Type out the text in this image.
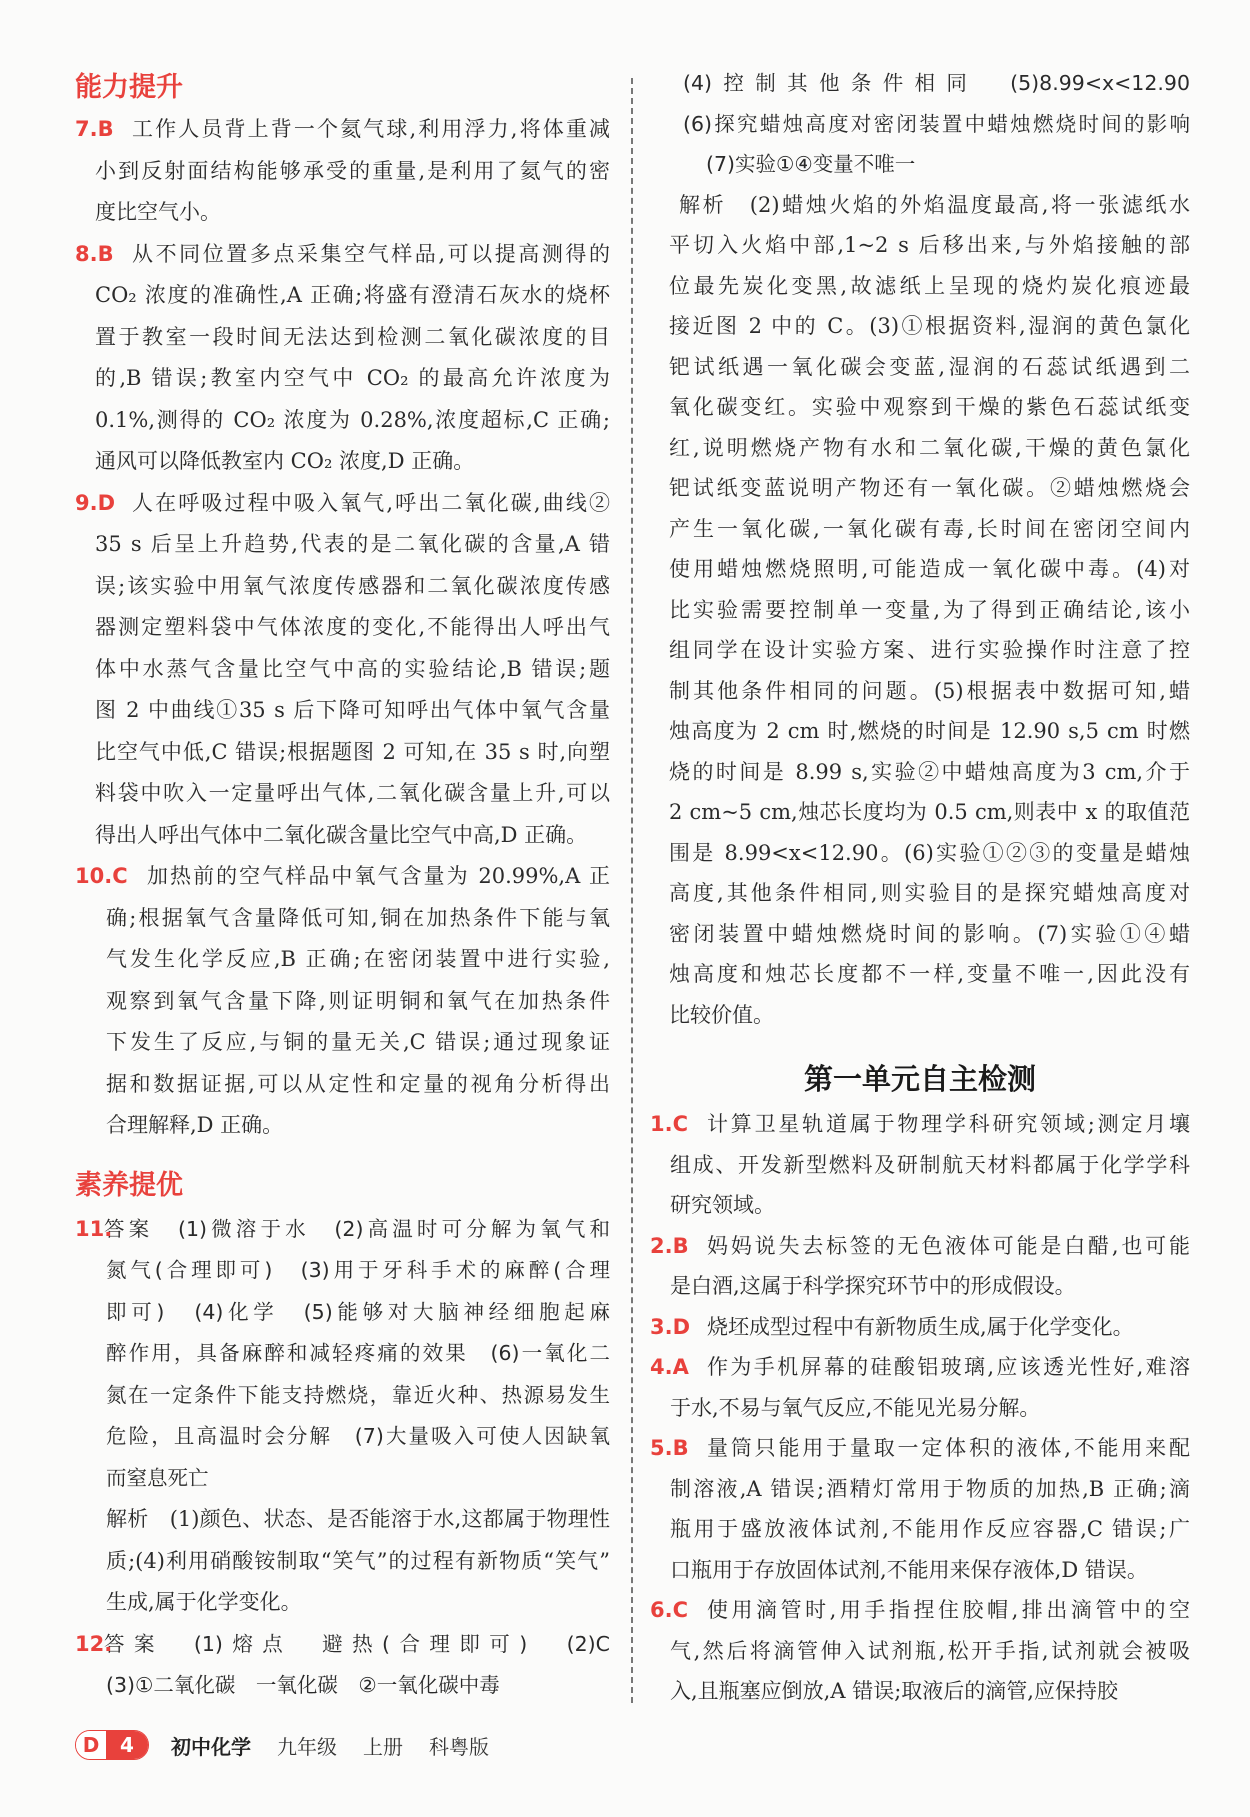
能力提升
7.B 工作人员背上背一个氦气球,利用浮力,将体重减
小到反射面结构能够承受的重量,是利用了氦气的密
度比空气小。
8.B 从不同位置多点采集空气样品,可以提高测得的
CO₂ 浓度的准确性,A 正确;将盛有澄清石灰水的烧杯
置于教室一段时间无法达到检测二氧化碳浓度的目
的,B 错误;教室内空气中 CO₂ 的最高允许浓度为
0.1%,测得的 CO₂ 浓度为 0.28%,浓度超标,C 正确;
通风可以降低教室内 CO₂ 浓度,D 正确。
9.D 人在呼吸过程中吸入氧气,呼出二氧化碳,曲线②
35 s 后呈上升趋势,代表的是二氧化碳的含量,A 错
误;该实验中用氧气浓度传感器和二氧化碳浓度传感
器测定塑料袋中气体浓度的变化,不能得出人呼出气
体中水蒸气含量比空气中高的实验结论,B 错误;题
图 2 中曲线①35 s 后下降可知呼出气体中氧气含量
比空气中低,C 错误;根据题图 2 可知,在 35 s 时,向塑
料袋中吹入一定量呼出气体,二氧化碳含量上升,可以
得出人呼出气体中二氧化碳含量比空气中高,D 正确。
10.C 加热前的空气样品中氧气含量为 20.99%,A 正
确;根据氧气含量降低可知,铜在加热条件下能与氧
气发生化学反应,B 正确;在密闭装置中进行实验,
观察到氧气含量下降,则证明铜和氧气在加热条件
下发生了反应,与铜的量无关,C 错误;通过现象证
据和数据证据,可以从定性和定量的视角分析得出
合理解释,D 正确。
素养提优
11.
答案　(1)微溶于水　(2)高温时可分解为氧气和
氮气(合理即可)　(3)用于牙科手术的麻醉(合理
即可)　(4)化学　(5)能够对大脑神经细胞起麻
醉作用，具备麻醉和减轻疼痛的效果　(6)一氧化二
氮在一定条件下能支持燃烧，靠近火种、热源易发生
危险，且高温时会分解　(7)大量吸入可使人因缺氧
而窒息死亡
解析　(1)颜色、状态、是否能溶于水,这都属于物理性
质;(4)利用硝酸铵制取“笑气”的过程有新物质“笑气”
生成,属于化学变化。
12.
答案　(1)熔点　避热(合理即可)　(2)C
(3)①二氧化碳　一氧化碳　②一氧化碳中毒
(4)控制其他条件相同　(5)8.99<x<12.90
(6)探究蜡烛高度对密闭装置中蜡烛燃烧时间的影响
(7)实验①④变量不唯一
解析　(2)蜡烛火焰的外焰温度最高,将一张滤纸水
平切入火焰中部,1~2 s 后移出来,与外焰接触的部
位最先炭化变黑,故滤纸上呈现的烧灼炭化痕迹最
接近图 2 中的 C。(3)①根据资料,湿润的黄色氯化
钯试纸遇一氧化碳会变蓝,湿润的石蕊试纸遇到二
氧化碳变红。实验中观察到干燥的紫色石蕊试纸变
红,说明燃烧产物有水和二氧化碳,干燥的黄色氯化
钯试纸变蓝说明产物还有一氧化碳。②蜡烛燃烧会
产生一氧化碳,一氧化碳有毒,长时间在密闭空间内
使用蜡烛燃烧照明,可能造成一氧化碳中毒。(4)对
比实验需要控制单一变量,为了得到正确结论,该小
组同学在设计实验方案、进行实验操作时注意了控
制其他条件相同的问题。(5)根据表中数据可知,蜡
烛高度为 2 cm 时,燃烧的时间是 12.90 s,5 cm 时燃
烧的时间是 8.99 s,实验②中蜡烛高度为3 cm,介于
2 cm~5 cm,烛芯长度均为 0.5 cm,则表中 x 的取值范
围是 8.99<x<12.90。(6)实验①②③的变量是蜡烛
高度,其他条件相同,则实验目的是探究蜡烛高度对
密闭装置中蜡烛燃烧时间的影响。(7)实验①④蜡
烛高度和烛芯长度都不一样,变量不唯一,因此没有
比较价值。
第一单元自主检测
1.C 计算卫星轨道属于物理学科研究领域;测定月壤
组成、开发新型燃料及研制航天材料都属于化学学科
研究领域。
2.B 妈妈说失去标签的无色液体可能是白醋,也可能
是白酒,这属于科学探究环节中的形成假设。
3.D 烧坯成型过程中有新物质生成,属于化学变化。
4.A 作为手机屏幕的硅酸铝玻璃,应该透光性好,难溶
于水,不易与氧气反应,不能见光易分解。
5.B 量筒只能用于量取一定体积的液体,不能用来配
制溶液,A 错误;酒精灯常用于物质的加热,B 正确;滴
瓶用于盛放液体试剂,不能用作反应容器,C 错误;广
口瓶用于存放固体试剂,不能用来保存液体,D 错误。
6.C 使用滴管时,用手指捏住胶帽,排出滴管中的空
气,然后将滴管伸入试剂瓶,松开手指,试剂就会被吸
入,且瓶塞应倒放,A 错误;取液后的滴管,应保持胶
D	4	初中化学 九年级 上册 科粤版
